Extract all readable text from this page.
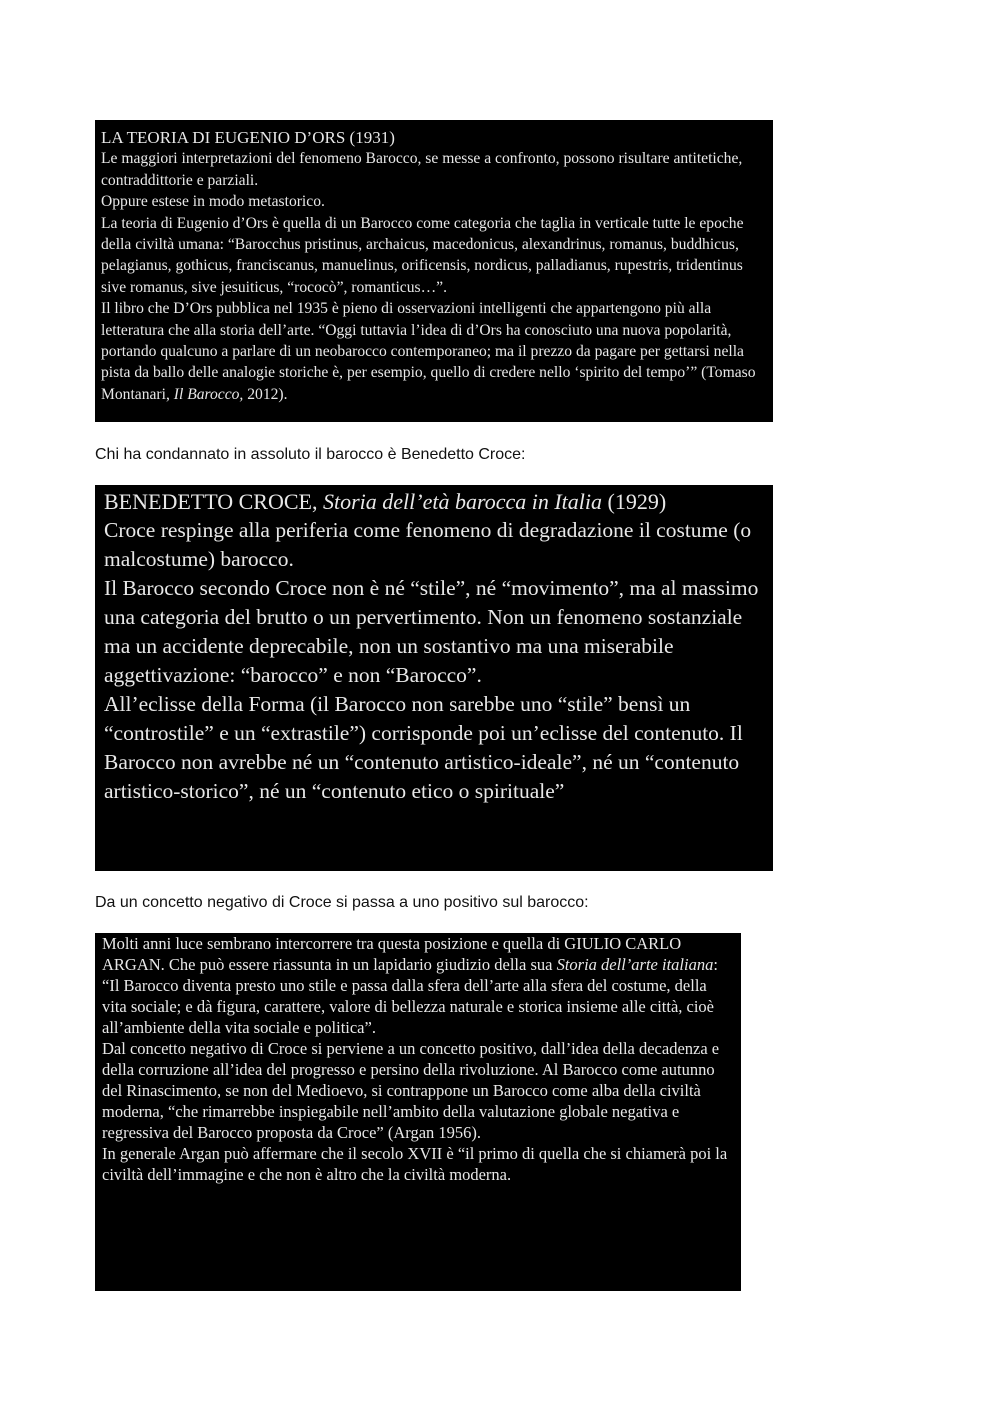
LA TEORIA DI EUGENIO D’ORS (1931)

Le maggiori interpretazioni del fenomeno Barocco, se messe a confronto, possono risultare antitetiche, contraddittorie e parziali.
Oppure estese in modo metastorico.
La teoria di Eugenio d’Ors è quella di un Barocco come categoria che taglia in verticale tutte le epoche della civiltà umana: “Barocchus pristinus, archaicus, macedonicus, alexandrinus, romanus, buddhicus, pelagianus, gothicus, franciscanus, manuelinus, orificensis, nordicus, palladianus, rupestris, tridentinus sive romanus, sive jesuiticus, “rococò”, romanticus…”.
Il libro che D’Ors pubblica nel 1935 è pieno di osservazioni intelligenti che appartengono più alla letteratura che alla storia dell’arte. “Oggi tuttavia l’idea di d’Ors ha conosciuto una nuova popolarità, portando qualcuno a parlare di un neobarocco contemporaneo; ma il prezzo da pagare per gettarsi nella pista da ballo delle analogie storiche è, per esempio, quello di credere nello ‘spirito del tempo’” (Tomaso Montanari, Il Barocco, 2012).

Chi ha condannato in assoluto il barocco è Benedetto Croce:

BENEDETTO CROCE, Storia dell’età barocca in Italia (1929)

Croce respinge alla periferia come fenomeno di degradazione il costume (o malcostume) barocco.
Il Barocco secondo Croce non è né “stile”, né “movimento”, ma al massimo una categoria del brutto o un pervertimento. Non un fenomeno sostanziale ma un accidente deprecabile, non un sostantivo ma una miserabile aggettivazione: “barocco” e non “Barocco”.
All’eclisse della Forma (il Barocco non sarebbe uno “stile” bensì un “controstile” e un “extrastile”) corrisponde poi un’eclisse del contenuto. Il Barocco non avrebbe né un “contenuto artistico-ideale”, né un “contenuto artistico-storico”, né un “contenuto etico o spirituale”

Da un concetto negativo di Croce si passa a uno positivo sul barocco:

Molti anni luce sembrano intercorrere tra questa posizione e quella di GIULIO CARLO ARGAN. Che può essere riassunta in un lapidario giudizio della sua Storia dell’arte italiana: “Il Barocco diventa presto uno stile e passa dalla sfera dell’arte alla sfera del costume, della vita sociale; e dà figura, carattere, valore di bellezza naturale e storica insieme alle città, cioè all’ambiente della vita sociale e politica”.
Dal concetto negativo di Croce si perviene a un concetto positivo, dall’idea della decadenza e della corruzione all’idea del progresso e persino della rivoluzione. Al Barocco come autunno del Rinascimento, se non del Medioevo, si contrappone un Barocco come alba della civiltà moderna, “che rimarrebbe inspiegabile nell’ambito della valutazione globale negativa e regressiva del Barocco proposta da Croce” (Argan 1956).
In generale Argan può affermare che il secolo XVII è “il primo di quella che si chiamerà poi la civiltà dell’immagine e che non è altro che la civiltà moderna.
